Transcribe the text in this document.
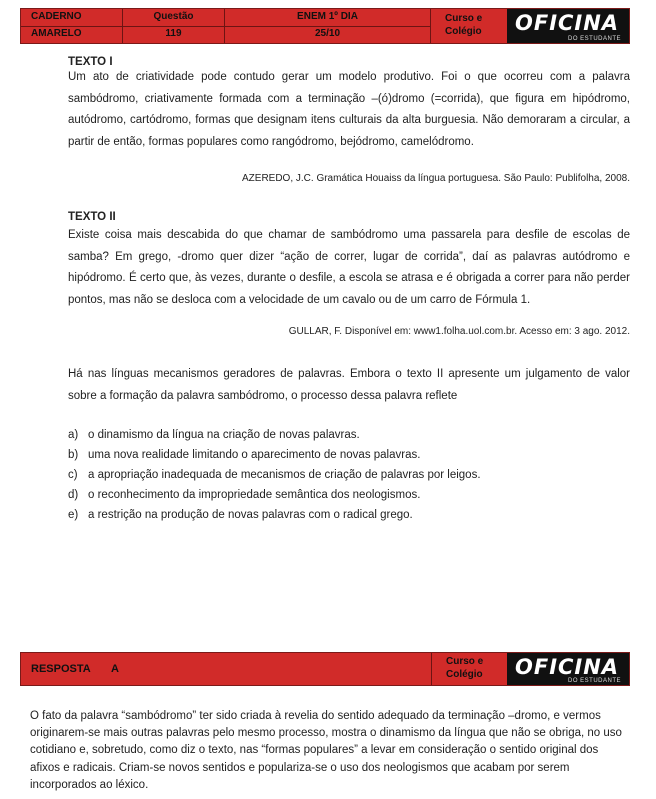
CADERNO
AMARELO
Questão
119
ENEM 1º DIA
25/10
Curso e
Colégio OFICINA
DO ESTUDANTE
TEXTO I

Um ato de criatividade pode contudo gerar um modelo produtivo. Foi o que ocorreu com a palavra sambódromo, criativamente formada com a terminação –(ó)dromo (=corrida), que figura em hipódromo, autódromo, cartódromo, formas que designam itens culturais da alta burguesia. Não demoraram a circular, a partir de então, formas populares como rangódromo, bejódromo, camelódromo.

AZEREDO, J.C. Gramática Houaiss da língua portuguesa. São Paulo: Publifolha, 2008.
TEXTO II

Existe coisa mais descabida do que chamar de sambódromo uma passarela para desfile de escolas de samba? Em grego, -dromo quer dizer “ação de correr, lugar de corrida”, daí as palavras autódromo e hipódromo. É certo que, às vezes, durante o desfile, a escola se atrasa e é obrigada a correr para não perder pontos, mas não se desloca com a velocidade de um cavalo ou de um carro de Fórmula 1.

GULLAR, F. Disponível em: www1.folha.uol.com.br. Acesso em: 3 ago. 2012.

Há nas línguas mecanismos geradores de palavras. Embora o texto II apresente um julgamento de valor sobre a formação da palavra sambódromo, o processo dessa palavra reflete

a) o dinamismo da língua na criação de novas palavras.
b) uma nova realidade limitando o aparecimento de novas palavras.
c) a apropriação inadequada de mecanismos de criação de palavras por leigos.
d) o reconhecimento da impropriedade semântica dos neologismos.
e) a restrição na produção de novas palavras com o radical grego.
RESPOSTA A
Curso e
Colégio OFICINA
DO ESTUDANTE

O fato da palavra “sambódromo” ter sido criada à revelia do sentido adequado da terminação –dromo, e vermos originarem-se mais outras palavras pelo mesmo processo, mostra o dinamismo da língua que não se obriga, no uso cotidiano e, sobretudo, como diz o texto, nas “formas populares” a levar em consideração o sentido original dos afixos e radicais. Criam-se novos sentidos e populariza-se o uso dos neologismos que acabam por serem incorporados ao léxico.
